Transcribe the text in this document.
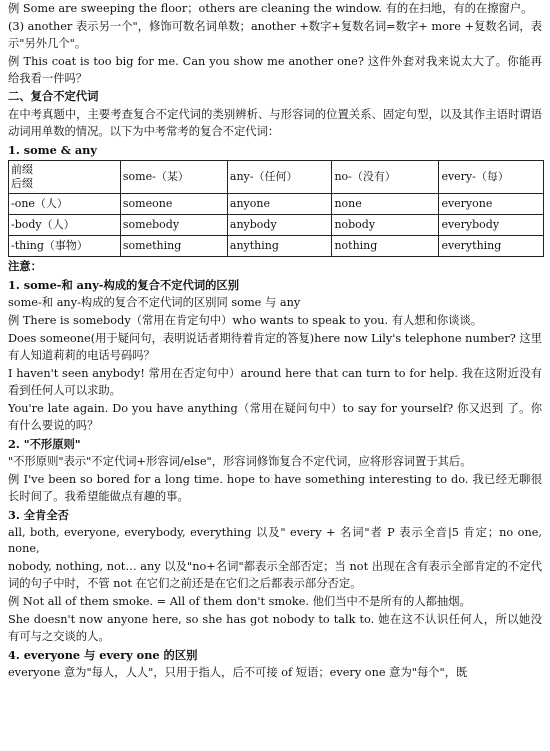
例 Some are sweeping the floor；others are cleaning the window. 有的在扫地，有的在擦窗户。

(3) another 表示另一个"，修饰可数名词单数；another +数字+复数名词=数字+ more +复数名词，表示"另外几个"。

例 This coat is too big for me. Can you show me another one? 这件外套对我来说太大了。你能再给我看一件吗？

二、复合不定代词

在中考真题中，主要考查复合不定代词的类别辨析、与形容词的位置关系、固定句型，以及其作主语时谓语动词用单数的情况。以下为中考常考的复合不定代词：

1. some & any

前缀
后缀	some-（某）	any-（任何）	no-（没有）	every-（每）
-one（人）	someone	anyone	none	everyone
-body（人）	somebody	anybody	nobody	everybody
-thing（事物）	something	anything	nothing	everything

注意：

1. some-和 any-构成的复合不定代词的区别

some-和 any-构成的复合不定代词的区别同 some 与 any

例 There is somebody（常用在肯定句中）who wants to speak to you. 有人想和你谈谈。

Does someone(用于疑问句，表明说话者期待着肯定的答复)here now Lily's telephone number? 这里有人知道莉莉的电话号码吗？

I haven't seen anybody! 常用在否定句中）around here that can turn to for help. 我在这附近没有看到任何人可以求助。

You're late again. Do you have anything（常用在疑问句中）to say for yourself? 你又迟到 了。你有什么要说的吗？

2. "不形原则"

"不形原则"表示"不定代词+形容词/else"，形容词修饰复合不定代词，应将形容词置于其后。

例 I've been so bored for a long time. hope to have something interesting to do. 我已经无聊很长时间了。我希望能做点有趣的事。

3. 全肯全否

all, both, everyone, everybody, everything 以及" every + 名词"者 P 表示全音|5 肯定；no one, none,

nobody, nothing, not… any 以及"no+名词"都表示全部否定；当 not 出现在含有表示全部肯定的不定代词的句子中时，不管 not 在它们之前还是在它们之后都表示部分否定。

例 Not all of them smoke. = All of them don't smoke. 他们当中不是所有的人都抽烟。

She doesn't now anyone here, so she has got nobody to talk to. 她在这不认识任何人，所以她没有可与之交谈的人。

4. everyone 与 every one 的区别

everyone 意为"每人，人人"，只用于指人，后不可接 of 短语；every one 意为"每个"，既
